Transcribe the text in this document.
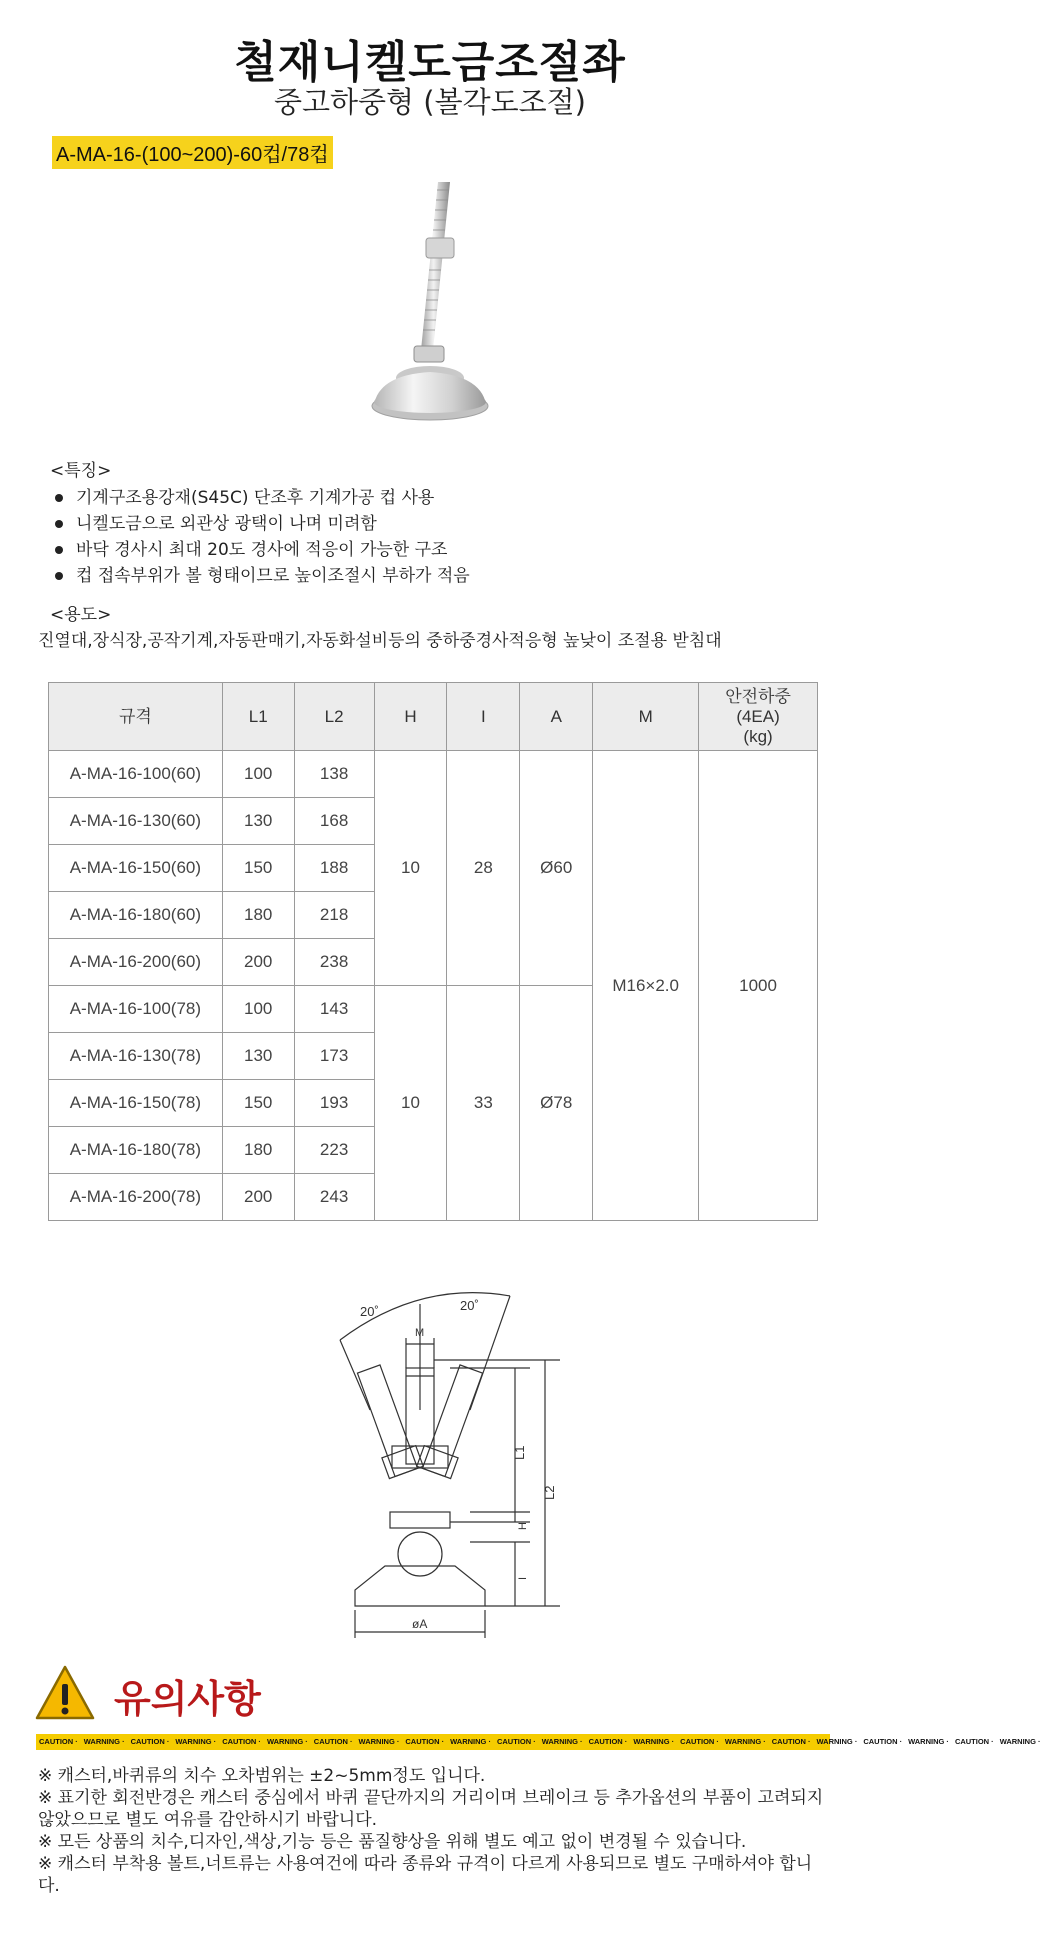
철재니켈도금조절좌
중고하중형 (볼각도조절)
A-MA-16-(100~200)-60컵/78컵
<특징>
기계구조용강재(S45C) 단조후 기계가공 컵 사용
니켈도금으로 외관상 광택이 나며 미려함
바닥 경사시 최대 20도 경사에 적응이 가능한 구조
컵 접속부위가 볼 형태이므로 높이조절시 부하가 적음
<용도>
진열대,장식장,공작기계,자동판매기,자동화설비등의 중하중경사적응형 높낮이 조절용 받침대
규격	L1	L2	H	I	A	M	안전하중
(4EA)
(kg)
A-MA-16-100(60)	100	138	10	28	Ø60	M16×2.0	1000
A-MA-16-130(60)	130	168					
A-MA-16-150(60)	150	188					
A-MA-16-180(60)	180	218					
A-MA-16-200(60)	200	238					
A-MA-16-100(78)	100	143	10	33	Ø78		
A-MA-16-130(78)	130	173					
A-MA-16-150(78)	150	193					
A-MA-16-180(78)	180	223					
A-MA-16-200(78)	200	243					
20˚	20˚
M
L1
L2
H
I
øA
유의사항
CAUTION · WARNING · CAUTION · WARNING · CAUTION · WARNING · CAUTION · WARNING · CAUTION · WARNING · CAUTION · WARNING · CAUTION · WARNING · CAUTION · WARNING · CAUTION · WARNING · CAUTION · WARNING · CAUTION · WARNING ·

※ 캐스터,바퀴류의 치수 오차범위는 ±2~5mm정도 입니다.

※ 표기한 회전반경은 캐스터 중심에서 바퀴 끝단까지의 거리이며 브레이크 등 추가옵션의 부품이 고려되지 않았으므로 별도 여유를 감안하시기 바랍니다.

※ 모든 상품의 치수,디자인,색상,기능 등은 품질향상을 위해 별도 예고 없이 변경될 수 있습니다.

※ 캐스터 부착용 볼트,너트류는 사용여건에 따라 종류와 규격이 다르게 사용되므로 별도 구매하셔야 합니다.
